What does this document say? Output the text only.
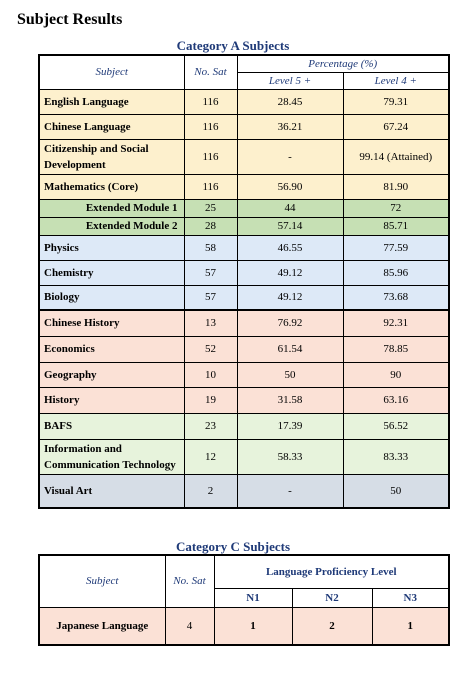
Subject Results
Category A Subjects
Subject	No. Sat	Percentage (%)	
		Level 5 +	Level 4 +
English Language	116	28.45	79.31
Chinese Language	116	36.21	67.24
Citizenship and Social Development	116	-	99.14 (Attained)
Mathematics (Core)	116	56.90	81.90
Extended Module 1	25	44	72
Extended Module 2	28	57.14	85.71
Physics	58	46.55	77.59
Chemistry	57	49.12	85.96
Biology	57	49.12	73.68
Chinese History	13	76.92	92.31
Economics	52	61.54	78.85
Geography	10	50	90
History	19	31.58	63.16
BAFS	23	17.39	56.52
Information and Communication Technology	12	58.33	83.33
Visual Art	2	-	50
Category C Subjects
Subject	No. Sat	Language Proficiency Level		
		N1	N2	N3
Japanese Language	4	1	2	1
